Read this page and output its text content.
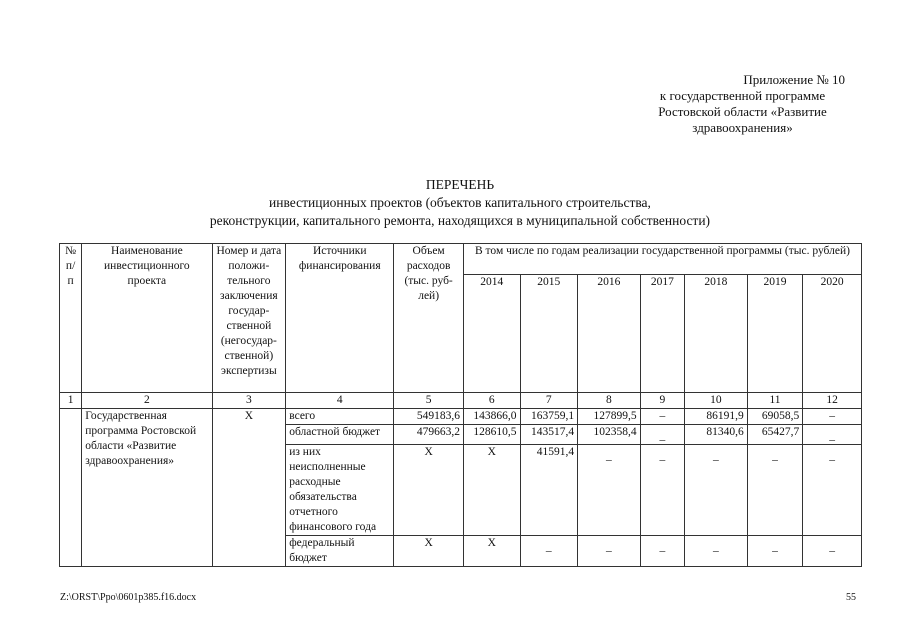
Приложение № 10
к государственной программе
Ростовской области «Развитие
здравоохранения»
ПЕРЕЧЕНЬ
инвестиционных проектов (объектов капитального строительства,
реконструкции, капитального ремонта, находящихся в муниципальной собственности)
№ п/п	Наименование инвестиционного проекта	Номер и дата положи-тельного заключения государ-ственной (негосудар-ственной) экспертизы	Источники финансирования	Объем расходов (тыс. руб-лей)	В том числе по годам реализации государственной программы (тыс. рублей)						
					2014	2015	2016	2017	2018	2019	2020
1	2	3	4	5	6	7	8	9	10	11	12
	Государственная программа Ростовской области «Развитие здравоохранения»	Х	всего	549183,6	143866,0	163759,1	127899,5	–	86191,9	69058,5	–
			областной бюджет	479663,2	128610,5	143517,4	102358,4	_	81340,6	65427,7	_

			из них неисполненные расходные обязательства отчетного финансового года	Х	Х	41591,4	_	_	_	_	_

			федеральный бюджет	Х	Х	_	_	_	_	_	_
Z:\ORST\Ppo\0601p385.f16.docx	55
